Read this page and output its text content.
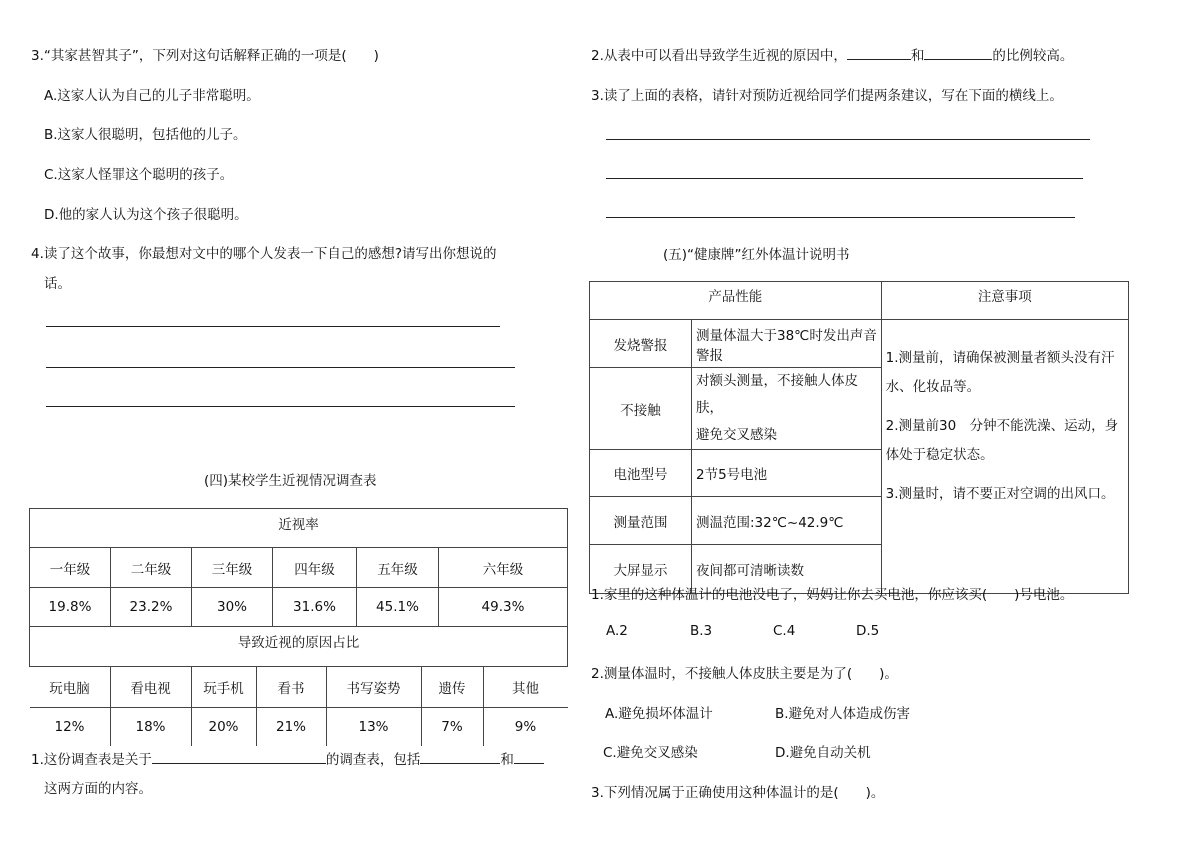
3.“其家甚智其子”，下列对这句话解释正确的一项是(　　)
A.这家人认为自己的儿子非常聪明。
B.这家人很聪明，包括他的儿子。
C.这家人怪罪这个聪明的孩子。
D.他的家人认为这个孩子很聪明。
4.读了这个故事，你最想对文中的哪个人发表一下自己的感想?请写出你想说的
话。
(四)某校学生近视情况调查表
近视率
一年级	二年级	三年级	四年级	五年级	六年级
19.8%	23.2%	30%	31.6%	45.1%	49.3%
导致近视的原因占比

玩电脑	看电视	玩手机	看书	书写姿势	遗传	其他
12%	18%	20%	21%	13%	7%	9%
1.这份调查表是关于	的调查表，包括	和
这两方面的内容。
2.从表中可以看出导致学生近视的原因中，	和	的比例较高。
3.读了上面的表格，请针对预防近视给同学们提两条建议，写在下面的横线上。
(五)“健康牌”红外体温计说明书
产品性能		注意事项
发烧警报	测量体温大于38℃时发出声音警报	1.测量前，请确保被测量者额头没有汗水、化妆品等。

2.测量前30　分钟不能洗澡、运动，身体处于稳定状态。

3.测量时，请不要正对空调的出风口。

不接触	对额头测量，不接触人体皮肤，
避免交叉感染	

电池型号	2节5号电池	
测量范围	测温范围:32℃~42.9℃	
大屏显示	夜间都可清晰读数	
1.家里的这种体温计的电池没电了，妈妈让你去买电池，你应该买(　　)号电池。
A.2	B.3	C.4	D.5
2.测量体温时，不接触人体皮肤主要是为了(　　)。
A.避免损坏体温计	B.避免对人体造成伤害
C.避免交叉感染	D.避免自动关机
3.下列情况属于正确使用这种体温计的是(　　)。
